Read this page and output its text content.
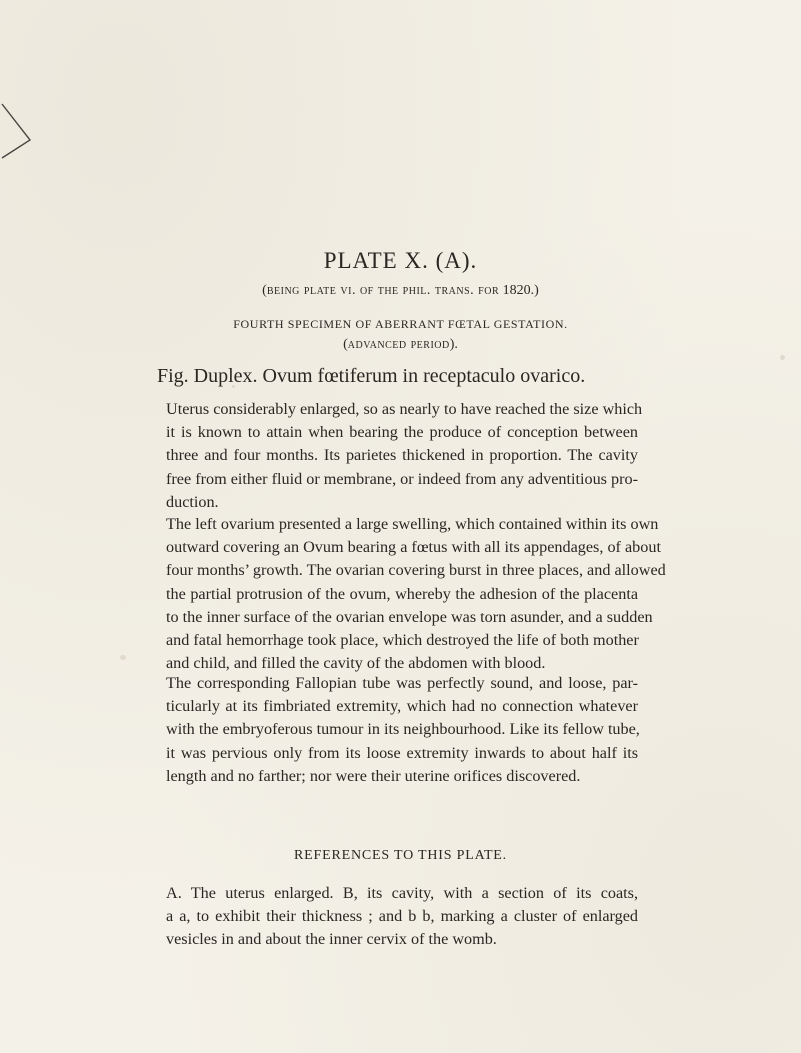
PLATE X. (A).
(being plate vi. of the phil. trans. for 1820.)
FOURTH SPECIMEN OF ABERRANT FŒTAL GESTATION.
(advanced period).
Fig. Duplex. Ovum fœtiferum in receptaculo ovarico.
Uterus considerably enlarged, so as nearly to have reached the size which
it is known to attain when bearing the produce of conception between
three and four months. Its parietes thickened in proportion. The cavity
free from either fluid or membrane, or indeed from any adventitious pro-
duction.
The left ovarium presented a large swelling, which contained within its own
outward covering an Ovum bearing a fœtus with all its appendages, of about
four months’ growth. The ovarian covering burst in three places, and allowed
the partial protrusion of the ovum, whereby the adhesion of the placenta
to the inner surface of the ovarian envelope was torn asunder, and a sudden
and fatal hemorrhage took place, which destroyed the life of both mother
and child, and filled the cavity of the abdomen with blood.
The corresponding Fallopian tube was perfectly sound, and loose, par-
ticularly at its fimbriated extremity, which had no connection whatever
with the embryoferous tumour in its neighbourhood. Like its fellow tube,
it was pervious only from its loose extremity inwards to about half its
length and no farther; nor were their uterine orifices discovered.
REFERENCES TO THIS PLATE.
A. The uterus enlarged. B, its cavity, with a section of its coats,
a a, to exhibit their thickness ; and b b, marking a cluster of enlarged
vesicles in and about the inner cervix of the womb.
